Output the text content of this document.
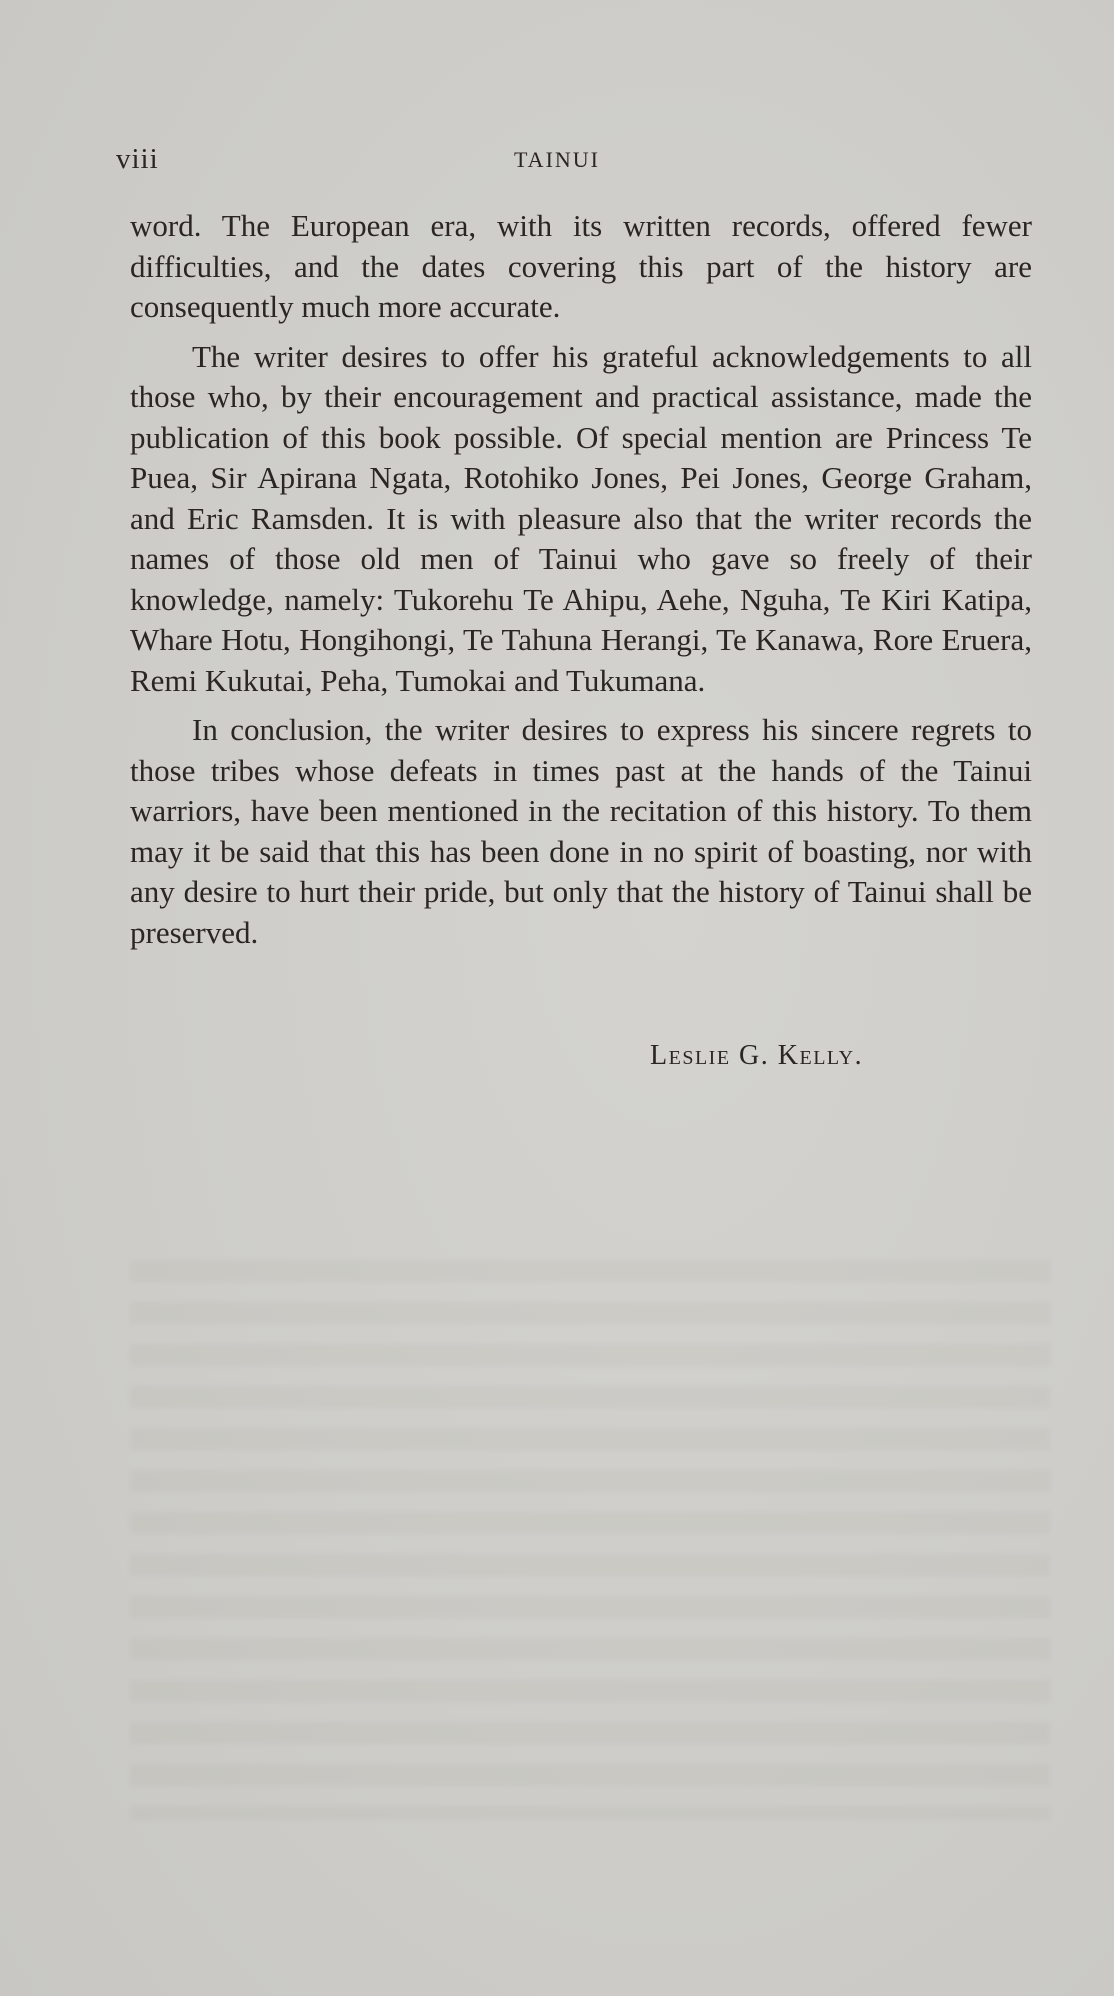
viii	TAINUI

word. The European era, with its written records, offered fewer difficulties, and the dates covering this part of the history are consequently much more accurate.

The writer desires to offer his grateful acknowledgements to all those who, by their encouragement and practical assistance, made the publication of this book possible. Of special mention are Princess Te Puea, Sir Apirana Ngata, Rotohiko Jones, Pei Jones, George Graham, and Eric Ramsden. It is with pleasure also that the writer records the names of those old men of Tainui who gave so freely of their knowledge, namely: Tukorehu Te Ahipu, Aehe, Nguha, Te Kiri Katipa, Whare Hotu, Hongihongi, Te Tahuna Herangi, Te Kanawa, Rore Eruera, Remi Kukutai, Peha, Tumokai and Tukumana.

In conclusion, the writer desires to express his sincere regrets to those tribes whose defeats in times past at the hands of the Tainui warriors, have been mentioned in the recitation of this history. To them may it be said that this has been done in no spirit of boasting, nor with any desire to hurt their pride, but only that the history of Tainui shall be preserved.

Leslie G. Kelly.
